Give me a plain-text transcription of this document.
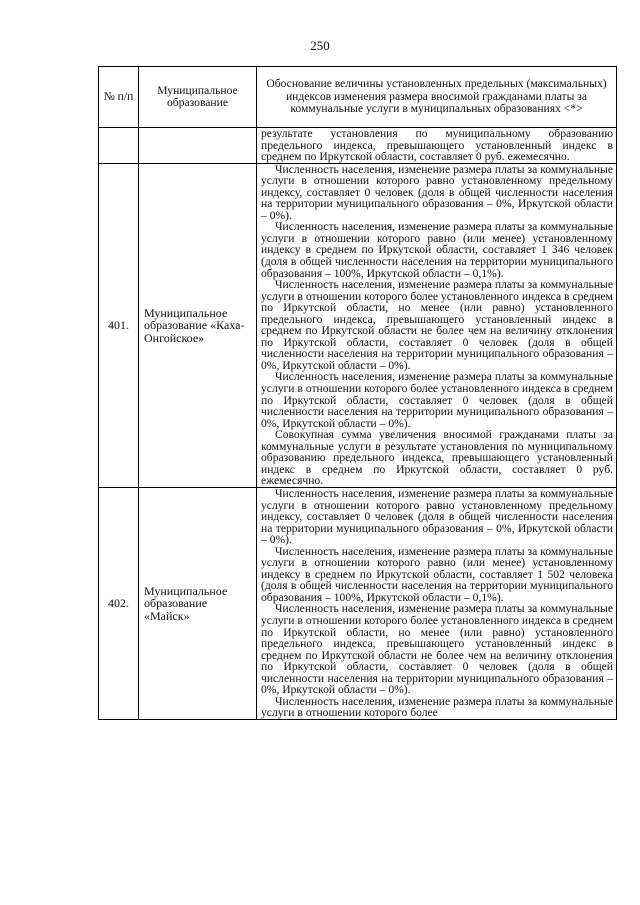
250
№ п/п	Муниципальное образование	Обоснование величины установленных предельных (максимальных) индексов изменения размера вносимой гражданами платы за коммунальные услуги в муниципальных образованиях <*>

		результате установления по муниципальному образованию предельного индекса, превышающего установленный индекс в среднем по Иркутской области, составляет 0 руб. ежемесячно.

401.	Муниципальное образование «Каха-Онгойское»	Численность населения, изменение размера платы за коммунальные услуги в отношении которого равно установленному предельному индексу, составляет 0 человек (доля в общей численности населения на территории муниципального образования – 0%, Иркутской области – 0%).

Численность населения, изменение размера платы за коммунальные услуги в отношении которого равно (или менее) установленному индексу в среднем по Иркутской области, составляет 1 346 человек (доля в общей численности населения на территории муниципального образования – 100%, Иркутской области – 0,1%).

Численность населения, изменение размера платы за коммунальные услуги в отношении которого более установленного индекса в среднем по Иркутской области, но менее (или равно) установленного предельного индекса, превышающего установленный индекс в среднем по Иркутской области не более чем на величину отклонения по Иркутской области, составляет 0 человек (доля в общей численности населения на территории муниципального образования – 0%, Иркутской области – 0%).

Численность населения, изменение размера платы за коммунальные услуги в отношении которого более установленного индекса в среднем по Иркутской области, составляет 0 человек (доля в общей численности населения на территории муниципального образования – 0%, Иркутской области – 0%).

Совокупная сумма увеличения вносимой гражданами платы за коммунальные услуги в результате установления по муниципальному образованию предельного индекса, превышающего установленный индекс в среднем по Иркутской области, составляет 0 руб. ежемесячно.

402.	Муниципальное образование «Майск»	Численность населения, изменение размера платы за коммунальные услуги в отношении которого равно установленному предельному индексу, составляет 0 человек (доля в общей численности населения на территории муниципального образования – 0%, Иркутской области – 0%).

Численность населения, изменение размера платы за коммунальные услуги в отношении которого равно (или менее) установленному индексу в среднем по Иркутской области, составляет 1 502 человека (доля в общей численности населения на территории муниципального образования – 100%, Иркутской области – 0,1%).

Численность населения, изменение размера платы за коммунальные услуги в отношении которого более установленного индекса в среднем по Иркутской области, но менее (или равно) установленного предельного индекса, превышающего установленный индекс в среднем по Иркутской области не более чем на величину отклонения по Иркутской области, составляет 0 человек (доля в общей численности населения на территории муниципального образования – 0%, Иркутской области – 0%).

Численность населения, изменение размера платы за коммунальные услуги в отношении которого более
